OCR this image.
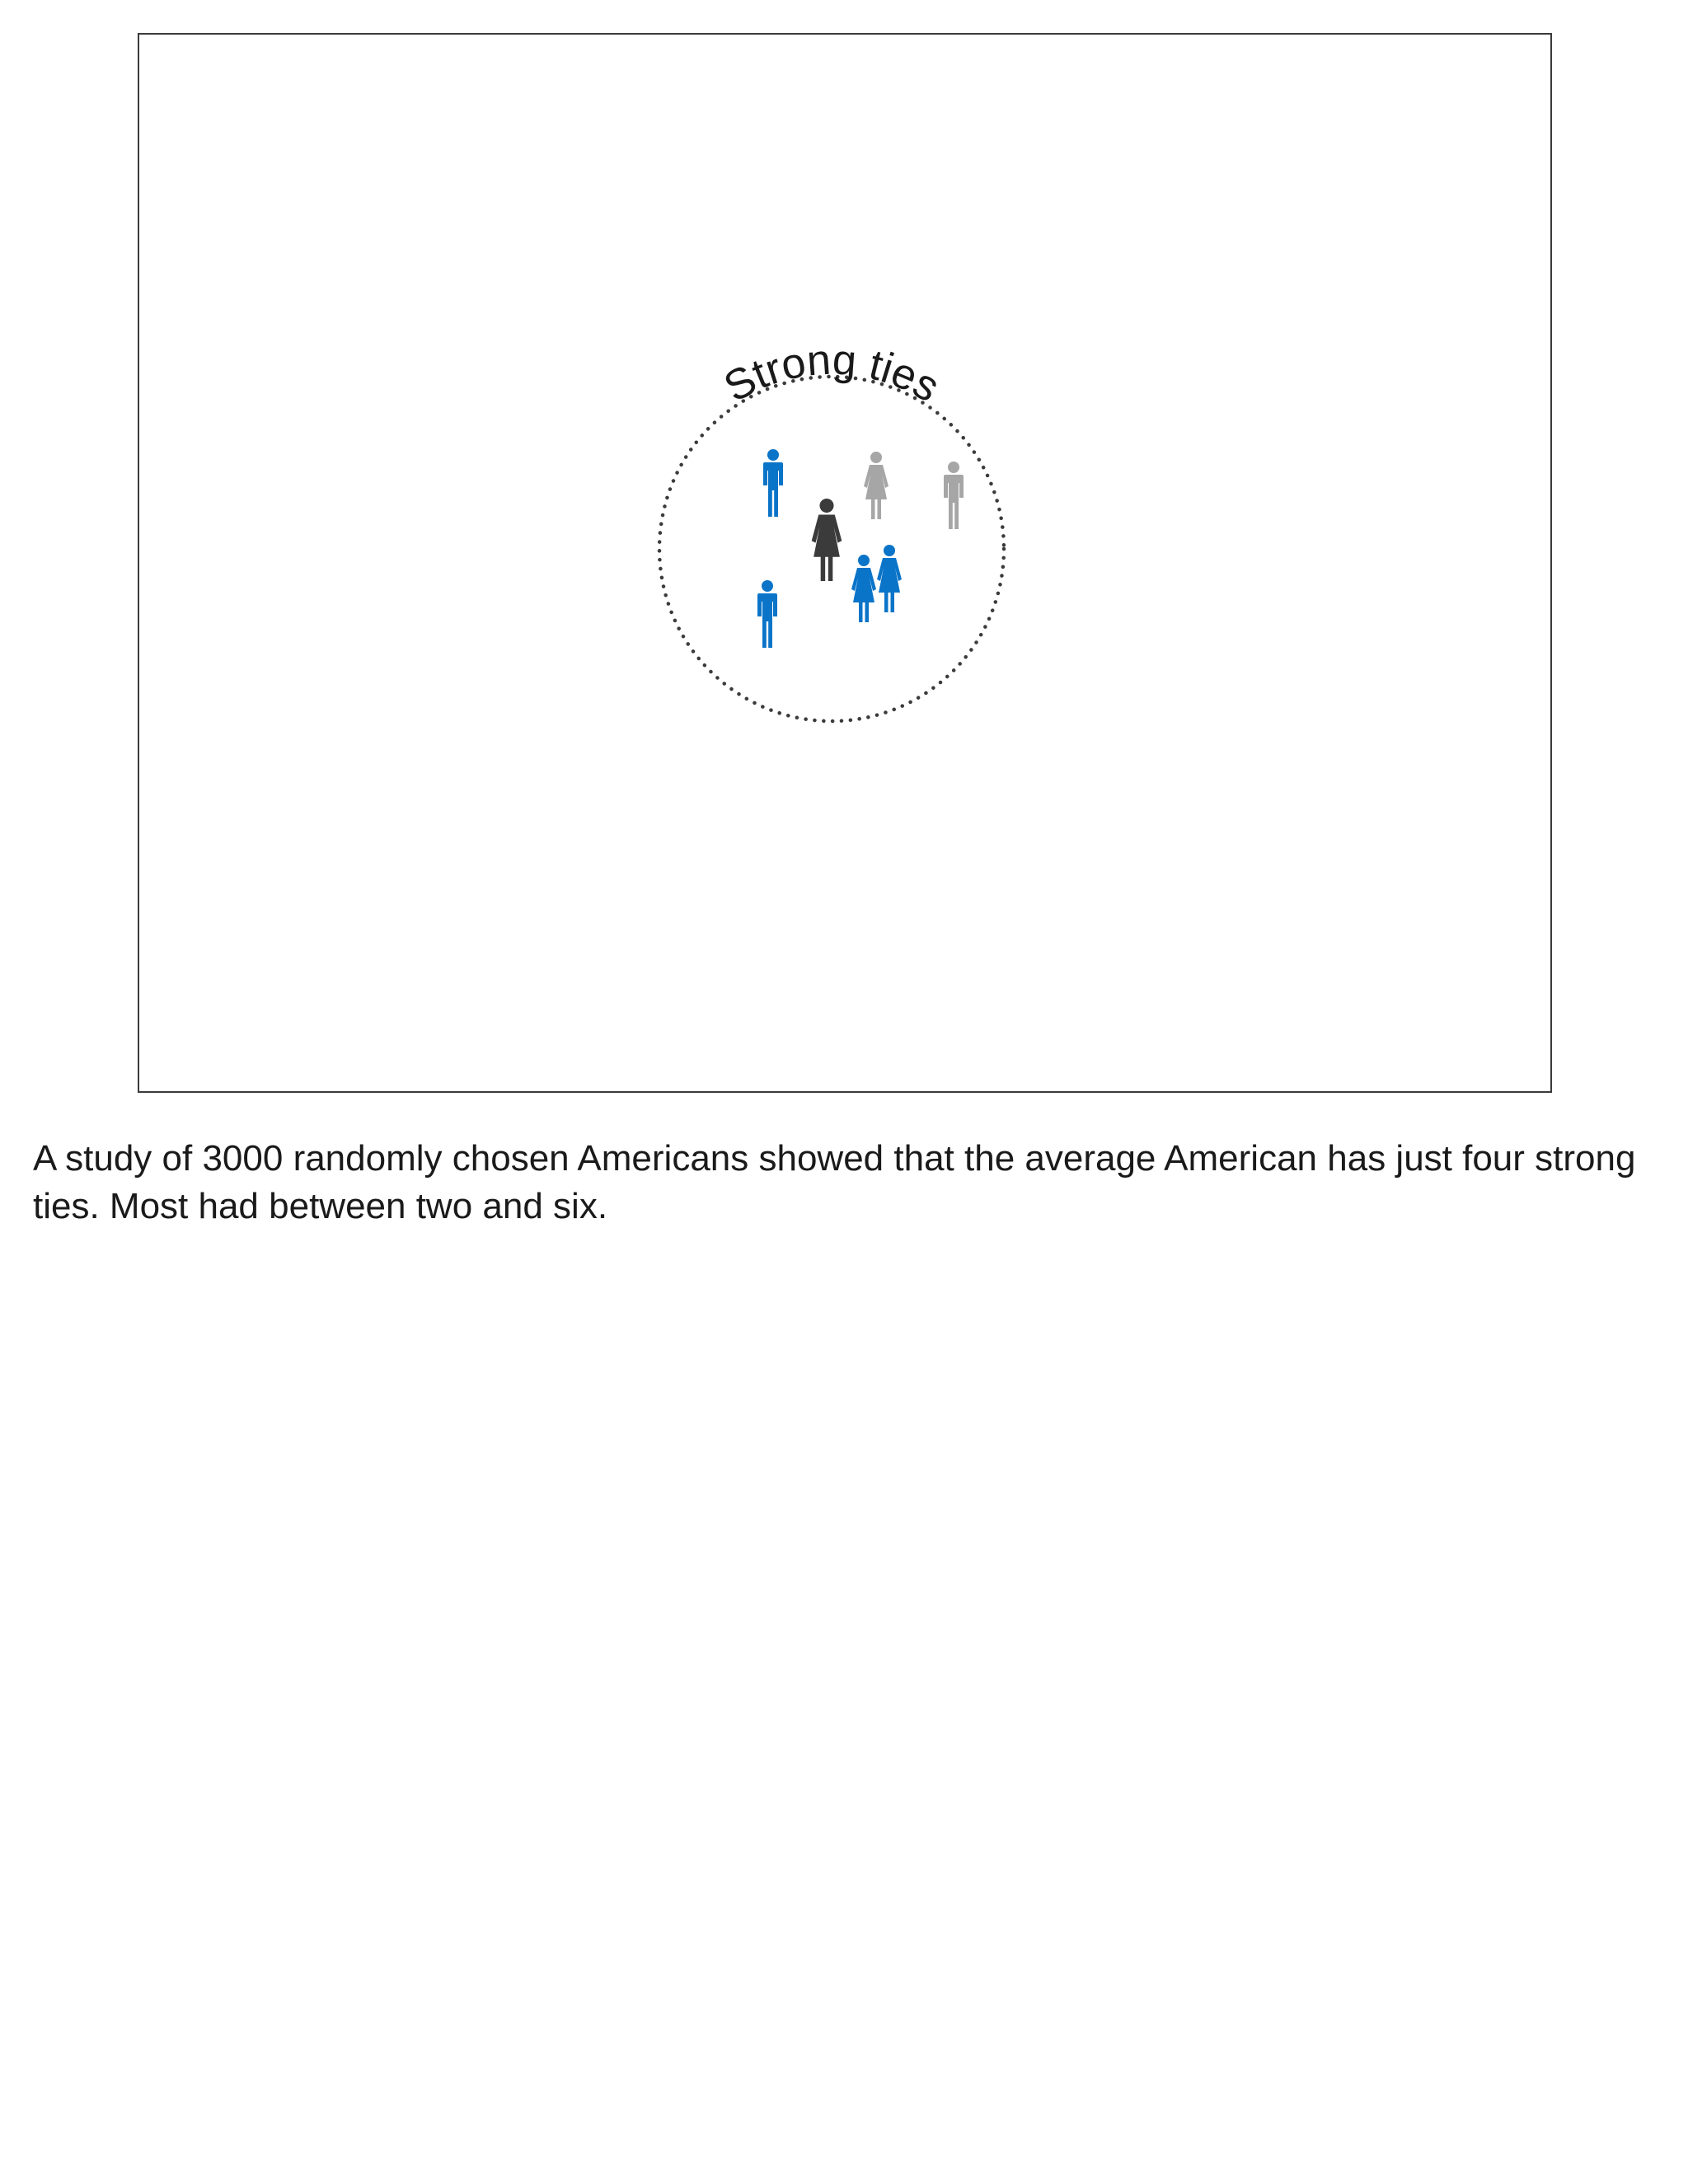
Strong ties

A study of 3000 randomly chosen Americans showed that the average American has just four strong ties. Most had between two and six.
